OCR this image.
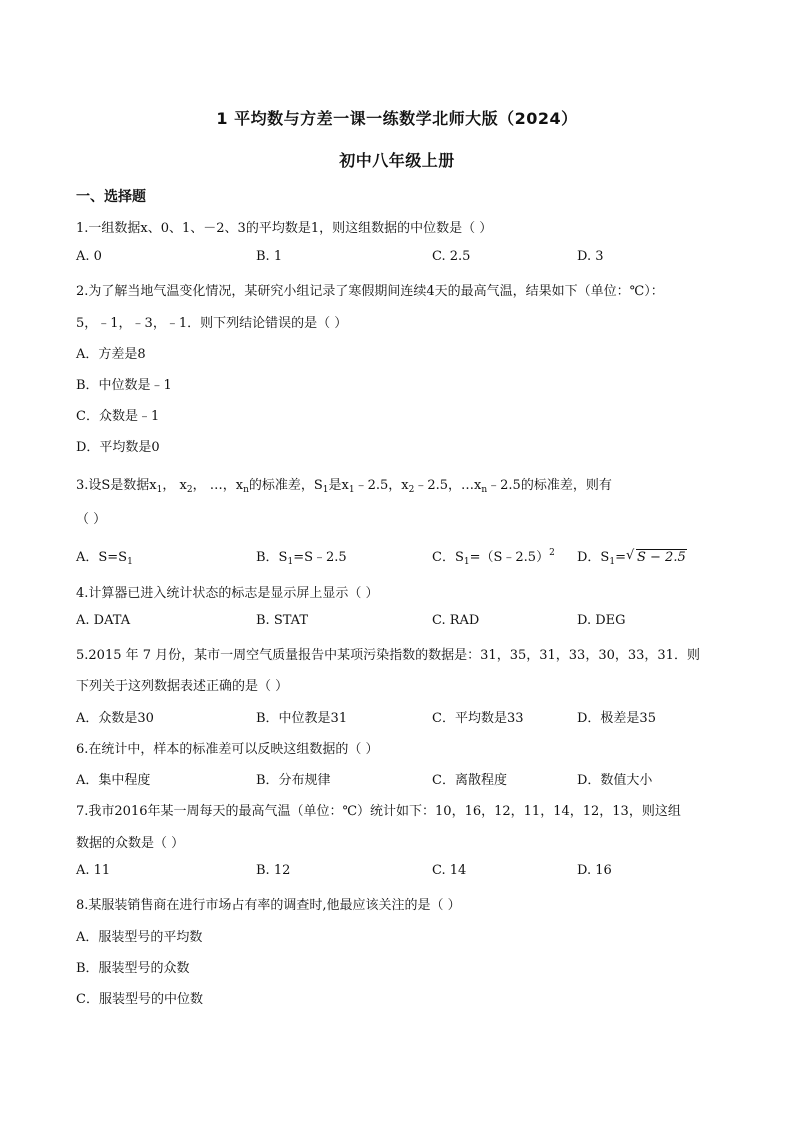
1 平均数与方差一课一练数学北师大版（2024）
初中八年级上册
一、选择题
1.一组数据x、0、1、－2、3的平均数是1，则这组数据的中位数是（ ）
A. 0	B. 1	C. 2.5	D. 3
2.为了解当地气温变化情况，某研究小组记录了寒假期间连续4天的最高气温，结果如下（单位：℃）：
5，﹣1，﹣3，﹣1．则下列结论错误的是（ ）
A．方差是8
B．中位数是﹣1
C．众数是﹣1
D．平均数是0
3.设S是数据$x_1$， $x_2$， …，$x_n$的标准差，$S_1$是$x_1﹣2.5$，$x_2﹣2.5$，$\dots x_n﹣2.5$的标准差，则有
（ ）
A．$S=S_1$	B．$S_1=S﹣2.5$	C．$S_1=(S﹣2.5)^2$ D．$S_1=$ √ S − 2.5
4.计算器已进入统计状态的标志是显示屏上显示（ ）
A. DATA	B. STAT	C. RAD	D. DEG
5.2015 年 7 月份，某市一周空气质量报告中某项污染指数的数据是：31，35，31，33，30，33，31．则
下列关于这列数据表述正确的是（ ）
A．众数是30	B．中位教是31	C．平均数是33	D．极差是35
6.在统计中，样本的标准差可以反映这组数据的（ ）
A．集中程度	B．分布规律	C．离散程度	D．数值大小
7.我市2016年某一周每天的最高气温（单位：℃）统计如下：10，16，12，11，14，12，13，则这组
数据的众数是（ ）
A. 11	B. 12	C. 14	D. 16
8.某服装销售商在进行市场占有率的调查时,他最应该关注的是（ ）
A．服装型号的平均数
B．服装型号的众数
C．服装型号的中位数
